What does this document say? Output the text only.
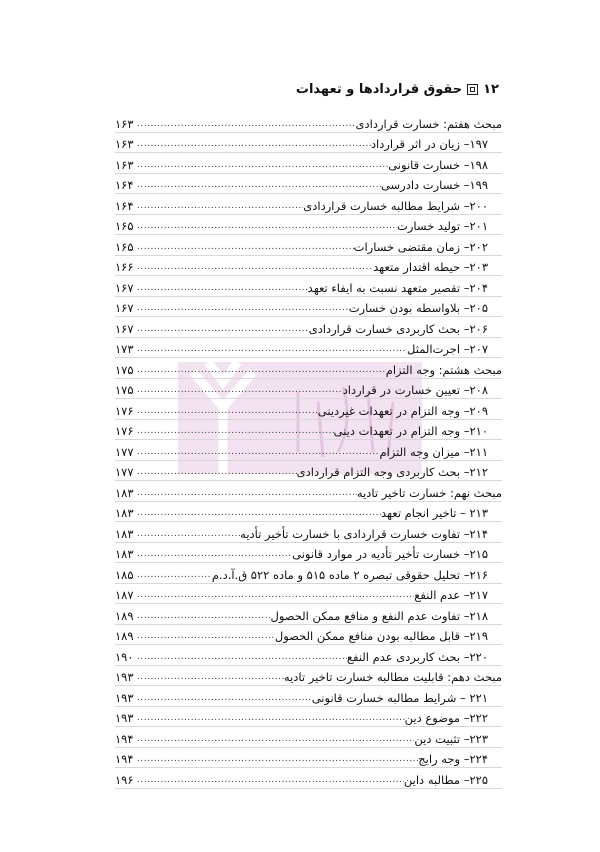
۱۲
حقوق قراردادها و تعهدات
مبحث هفتم: خسارت قراردادی
.....
۱۶۳
۱۹۷– زیان در اثر قرارداد
.....
۱۶۳
۱۹۸– خسارت قانونی
.....
۱۶۳
۱۹۹– خسارت دادرسی
.....
۱۶۴
۲۰۰– شرایط مطالبه خسارت قراردادی
.....
۱۶۴
۲۰۱– تولید خسارت
.....
۱۶۵
۲۰۲– زمان مقتضی خسارات
.....
۱۶۵
۲۰۳– حیطه اقتدار متعهد
.....
۱۶۶
۲۰۴– تقصیر متعهد نسبت به ایفاء تعهد
.....
۱۶۷
۲۰۵– بلاواسطه بودن خسارت
.....
۱۶۷
۲۰۶– بحث کاربردی خسارت قراردادی
.....
۱۶۷
۲۰۷– اجرت‌المثل
.....
۱۷۳
مبحث هشتم: وجه التزام
.....
۱۷۵
۲۰۸– تعیین خسارت در قرارداد
.....
۱۷۵
۲۰۹– وجه التزام در تعهدات غیردینی
.....
۱۷۶
۲۱۰– وجه التزام در تعهدات دینی
.....
۱۷۶
۲۱۱– میزان وجه التزام
.....
۱۷۷
۲۱۲– بحث کاربردی وجه التزام قراردادی
.....
۱۷۷
مبحث نهم: خسارت تاخیر تادیه
.....
۱۸۳
۲۱۳ – تاخیر انجام تعهد
.....
۱۸۳
۲۱۴– تفاوت خسارت قراردادی با خسارت تأخیر تأدیه
.....
۱۸۳
۲۱۵– خسارت تأخیر تأدیه در موارد قانونی
.....
۱۸۳
۲۱۶– تحلیل حقوقی تبصره ۲ ماده ۵۱۵ و ماده ۵۲۲ ق.آ.د.م
.....
۱۸۵
۲۱۷– عدم النفع
.....
۱۸۷
۲۱۸– تفاوت عدم النفع و منافع ممکن الحصول
.....
۱۸۹
۲۱۹– قابل مطالبه بودن منافع ممکن الحصول
.....
۱۸۹
۲۲۰– بحث کاربردی عدم النفع
.....
۱۹۰
مبحث دهم: قابلیت مطالبه خسارت تاخیر تادیه
.....
۱۹۳
۲۲۱ – شرایط مطالبه خسارت قانونی
.....
۱۹۳
۲۲۲– موضوع دین
.....
۱۹۳
۲۲۳– تثبیت دین
.....
۱۹۴
۲۲۴– وجه رایج
.....
۱۹۴
۲۲۵– مطالبه داین
.....
۱۹۶
